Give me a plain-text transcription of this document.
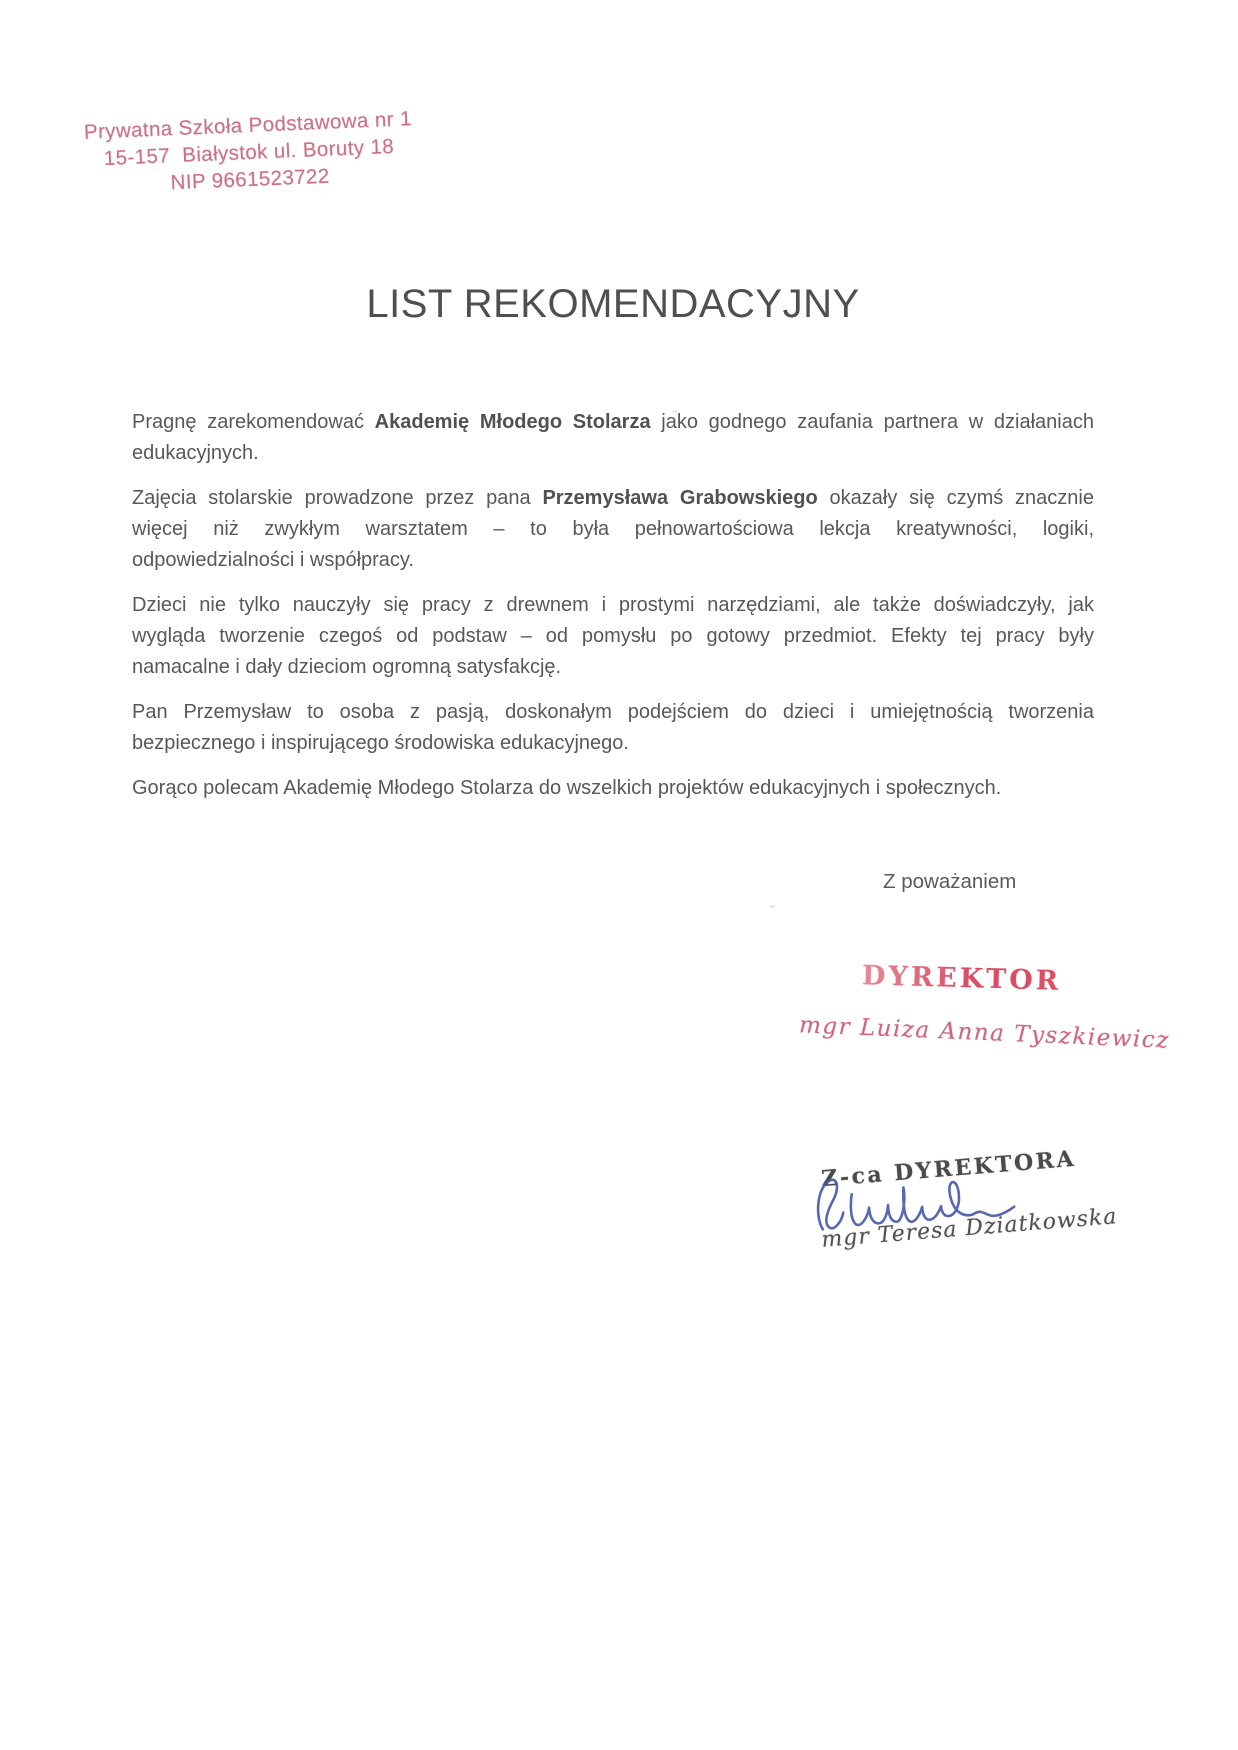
Prywatna Szkoła Podstawowa nr 1
15-157  Białystok ul. Boruty 18
NIP 9661523722
LIST REKOMENDACYJNY
Pragnę zarekomendować Akademię Młodego Stolarza jako godnego zaufania partnera w działaniach
edukacyjnych.
Zajęcia stolarskie prowadzone przez pana Przemysława Grabowskiego okazały się czymś znacznie
więcej niż zwykłym warsztatem – to była pełnowartościowa lekcja kreatywności, logiki,
odpowiedzialności i współpracy.
Dzieci nie tylko nauczyły się pracy z drewnem i prostymi narzędziami, ale także doświadczyły, jak
wygląda tworzenie czegoś od podstaw – od pomysłu po gotowy przedmiot. Efekty tej pracy były
namacalne i dały dzieciom ogromną satysfakcję.
Pan Przemysław to osoba z pasją, doskonałym podejściem do dzieci i umiejętnością tworzenia
bezpiecznego i inspirującego środowiska edukacyjnego.
Gorąco polecam Akademię Młodego Stolarza do wszelkich projektów edukacyjnych i społecznych.
Z poważaniem
DYREKTOR
mgr Luiza Anna Tyszkiewicz
Z-ca DYREKTORA
mgr Teresa Dziatkowska
